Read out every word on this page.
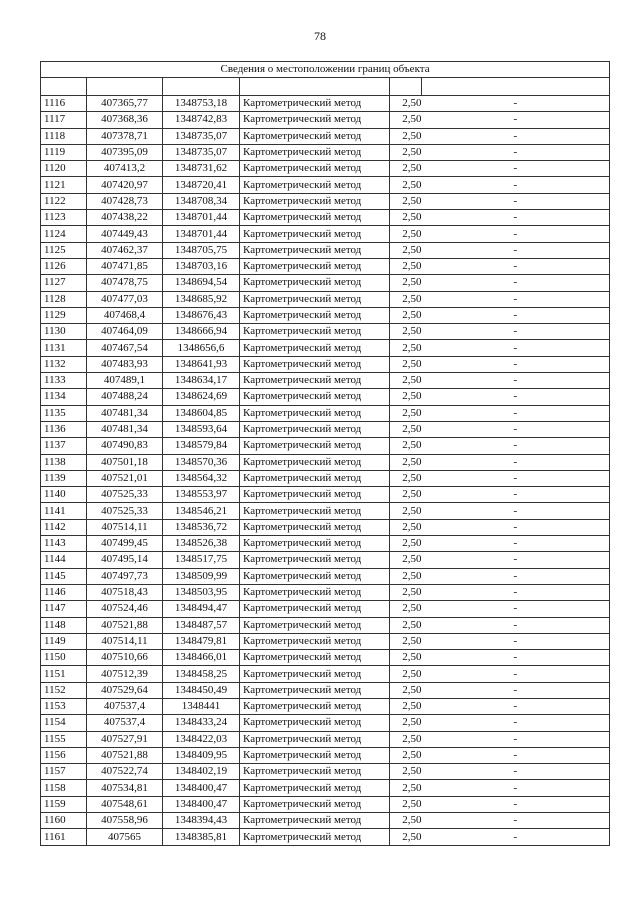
78
Сведения о местоположении границ объекта					

1116	407365,77	1348753,18	Картометрический метод	2,50	-
1117	407368,36	1348742,83	Картометрический метод	2,50	-
1118	407378,71	1348735,07	Картометрический метод	2,50	-
1119	407395,09	1348735,07	Картометрический метод	2,50	-
1120	407413,2	1348731,62	Картометрический метод	2,50	-
1121	407420,97	1348720,41	Картометрический метод	2,50	-
1122	407428,73	1348708,34	Картометрический метод	2,50	-
1123	407438,22	1348701,44	Картометрический метод	2,50	-
1124	407449,43	1348701,44	Картометрический метод	2,50	-
1125	407462,37	1348705,75	Картометрический метод	2,50	-
1126	407471,85	1348703,16	Картометрический метод	2,50	-
1127	407478,75	1348694,54	Картометрический метод	2,50	-
1128	407477,03	1348685,92	Картометрический метод	2,50	-
1129	407468,4	1348676,43	Картометрический метод	2,50	-
1130	407464,09	1348666,94	Картометрический метод	2,50	-
1131	407467,54	1348656,6	Картометрический метод	2,50	-
1132	407483,93	1348641,93	Картометрический метод	2,50	-
1133	407489,1	1348634,17	Картометрический метод	2,50	-
1134	407488,24	1348624,69	Картометрический метод	2,50	-
1135	407481,34	1348604,85	Картометрический метод	2,50	-
1136	407481,34	1348593,64	Картометрический метод	2,50	-
1137	407490,83	1348579,84	Картометрический метод	2,50	-
1138	407501,18	1348570,36	Картометрический метод	2,50	-
1139	407521,01	1348564,32	Картометрический метод	2,50	-
1140	407525,33	1348553,97	Картометрический метод	2,50	-
1141	407525,33	1348546,21	Картометрический метод	2,50	-
1142	407514,11	1348536,72	Картометрический метод	2,50	-
1143	407499,45	1348526,38	Картометрический метод	2,50	-
1144	407495,14	1348517,75	Картометрический метод	2,50	-
1145	407497,73	1348509,99	Картометрический метод	2,50	-
1146	407518,43	1348503,95	Картометрический метод	2,50	-
1147	407524,46	1348494,47	Картометрический метод	2,50	-
1148	407521,88	1348487,57	Картометрический метод	2,50	-
1149	407514,11	1348479,81	Картометрический метод	2,50	-
1150	407510,66	1348466,01	Картометрический метод	2,50	-
1151	407512,39	1348458,25	Картометрический метод	2,50	-
1152	407529,64	1348450,49	Картометрический метод	2,50	-
1153	407537,4	1348441	Картометрический метод	2,50	-
1154	407537,4	1348433,24	Картометрический метод	2,50	-
1155	407527,91	1348422,03	Картометрический метод	2,50	-
1156	407521,88	1348409,95	Картометрический метод	2,50	-
1157	407522,74	1348402,19	Картометрический метод	2,50	-
1158	407534,81	1348400,47	Картометрический метод	2,50	-
1159	407548,61	1348400,47	Картометрический метод	2,50	-
1160	407558,96	1348394,43	Картометрический метод	2,50	-
1161	407565	1348385,81	Картометрический метод	2,50	-
